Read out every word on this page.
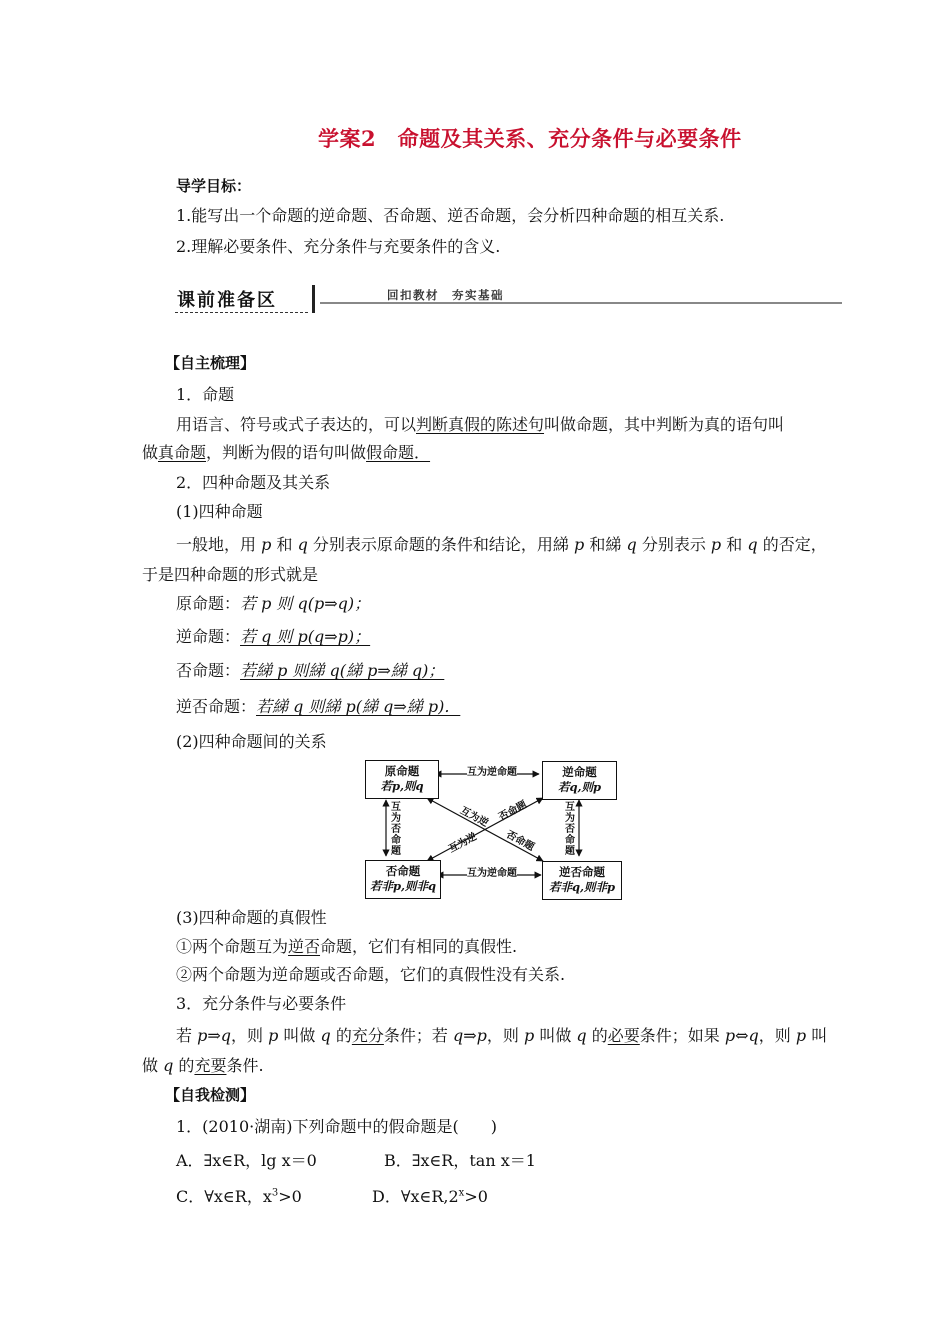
学案2　命题及其关系、充分条件与必要条件
导学目标：
1.能写出一个命题的逆命题、否命题、逆否命题，会分析四种命题的相互关系.
2.理解必要条件、充分条件与充要条件的含义.
课前准备区	回扣教材　夯实基础
【自主梳理】
1．命题
用语言、符号或式子表达的，可以判断真假的陈述句叫做命题，其中判断为真的语句叫
做真命题，判断为假的语句叫做假命题．
2．四种命题及其关系
(1)四种命题
一般地，用 p 和 q 分别表示原命题的条件和结论，用綈 p 和綈 q 分别表示 p 和 q 的否定，
于是四种命题的形式就是
原命题：若 p 则 q(p⇒q)；
逆命题：若 q 则 p(q⇒p)；
否命题：若綈 p 则綈 q(綈 p⇒綈 q)；
逆否命题：若綈 q 则綈 p(綈 q⇒綈 p)．
(2)四种命题间的关系
原命题
若p,则q
逆命题
若q,则p
否命题
若非p,则非q
逆否命题
若非q,则非p
互为逆命题
互为逆命题
互为否命题
互为否命题
互为逆 否命题
互为逆	否命题
(3)四种命题的真假性
①两个命题互为逆否命题，它们有相同的真假性.
②两个命题为逆命题或否命题，它们的真假性没有关系.
3．充分条件与必要条件
若 p⇒q，则 p 叫做 q 的充分条件；若 q⇒p，则 p 叫做 q 的必要条件；如果 p⇔q，则 p 叫
做 q 的充要条件.
【自我检测】
1．(2010·湖南)下列命题中的假命题是(　　)
A．∃x∈R，lg x＝0	B．∃x∈R，tan x＝1
C．∀x∈R，$x^3>0$	D．$\forall x\in R,2^x>0$
